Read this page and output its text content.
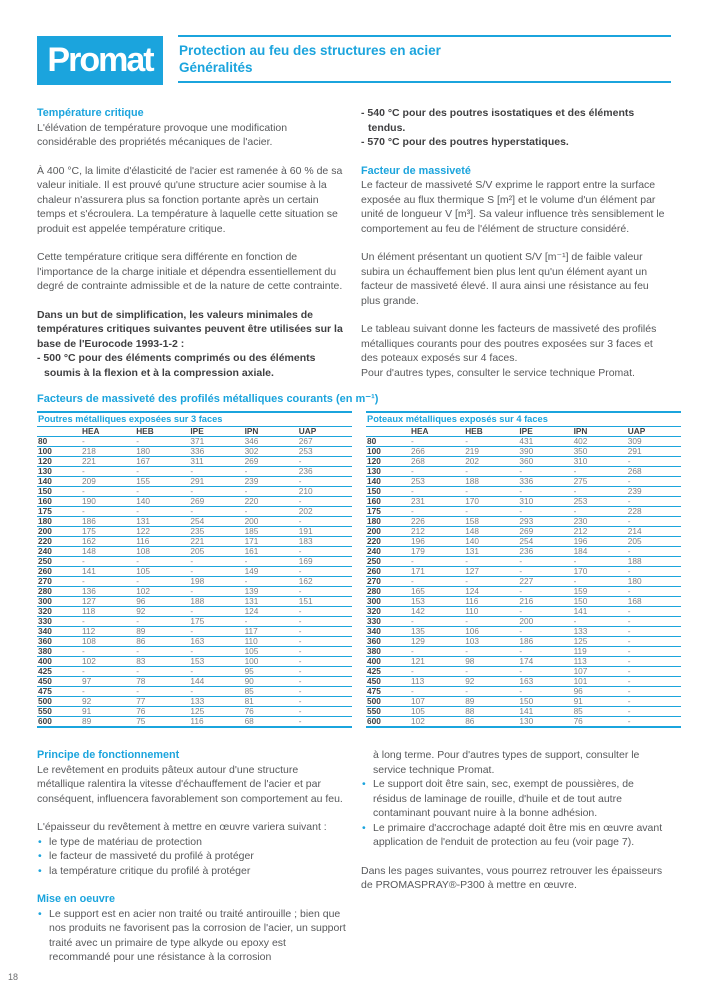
Promat Protection au feu des structures en acier
Généralités
Température critique

L'élévation de température provoque une modification considérable des propriétés mécaniques de l'acier.

À 400 °C, la limite d'élasticité de l'acier est ramenée à 60 % de sa valeur initiale. Il est prouvé qu'une structure acier soumise à la chaleur n'assurera plus sa fonction portante après un certain temps et s'écroulera. La température à laquelle cette situation se produit est appelée température critique.

Cette température critique sera différente en fonction de l'importance de la charge initiale et dépendra essentiellement du degré de contrainte admissible et de la nature de cette contrainte.

Dans un but de simplification, les valeurs minimales de températures critiques suivantes peuvent être utilisées sur la base de l'Eurocode 1993-1-2 :

- 500 °C pour des éléments comprimés ou des éléments soumis à la flexion et à la compression axiale.

- 540 °C pour des poutres isostatiques et des éléments tendus.

- 570 °C pour des poutres hyperstatiques.

Facteur de massiveté

Le facteur de massiveté S/V exprime le rapport entre la surface exposée au flux thermique S [m²] et le volume d'un élément par unité de longueur V [m³]. Sa valeur influence très sensiblement le comportement au feu de l'élément de structure considéré.

Un élément présentant un quotient S/V [m⁻¹] de faible valeur subira un échauffement bien plus lent qu'un élément ayant un facteur de massiveté élevé. Il aura ainsi une résistance au feu plus grande.

Le tableau suivant donne les facteurs de massiveté des profilés métalliques courants pour des poutres exposées sur 3 faces et des poteaux exposés sur 4 faces.

Pour d'autres types, consulter le service technique Promat.

Facteurs de massiveté des profilés métalliques courants (en m⁻¹)
Poutres métalliques exposées sur 3 faces
	HEA	HEB	IPE	IPN	UAP
80	-	-	371	346	267
100	218	180	336	302	253
120	221	167	311	269	-
130	-	-	-	-	236
140	209	155	291	239	-
150	-	-	-	-	210
160	190	140	269	220	-
175	-	-	-	-	202
180	186	131	254	200	-
200	175	122	235	185	191
220	162	116	221	171	183
240	148	108	205	161	-
250	-	-	-	-	169
260	141	105	-	149	-
270	-	-	198	-	162
280	136	102	-	139	-
300	127	96	188	131	151
320	118	92	-	124	-
330	-	-	175	-	-
340	112	89	-	117	-
360	108	86	163	110	-
380	-	-	-	105	-
400	102	83	153	100	-
425	-	-	-	95	-
450	97	78	144	90	-
475	-	-	-	85	-
500	92	77	133	81	-
550	91	76	125	76	-
600	89	75	116	68	-
Poteaux métalliques exposés sur 4 faces
	HEA	HEB	IPE	IPN	UAP
80	-	-	431	402	309
100	266	219	390	350	291
120	268	202	360	310	-
130	-	-	-	-	268
140	253	188	336	275	-
150	-	-	-	-	239
160	231	170	310	253	-
175	-	-	-	-	228
180	226	158	293	230	-
200	212	148	269	212	214
220	196	140	254	196	205
240	179	131	236	184	-
250	-	-	-	-	188
260	171	127	-	170	-
270	-	-	227	-	180
280	165	124	-	159	-
300	153	116	216	150	168
320	142	110	-	141	-
330	-	-	200	-	-
340	135	106	-	133	-
360	129	103	186	125	-
380	-	-	-	119	-
400	121	98	174	113	-
425	-	-	-	107	-
450	113	92	163	101	-
475	-	-	-	96	-
500	107	89	150	91	-
550	105	88	141	85	-
600	102	86	130	76	-
Principe de fonctionnement

Le revêtement en produits pâteux autour d'une structure métallique ralentira la vitesse d'échauffement de l'acier et par conséquent, influencera favorablement son comportement au feu.

L'épaisseur du revêtement à mettre en œuvre variera suivant :

• le type de matériau de protection
• le facteur de massiveté du profilé à protéger
• la température critique du profilé à protéger
Mise en oeuvre
• Le support est en acier non traité ou traité antirouille ; bien que nos produits ne favorisent pas la corrosion de l'acier, un support traité avec un primaire de type alkyde ou epoxy est recommandé pour une résistance à la corrosion

à long terme. Pour d'autres types de support, consulter le service technique Promat.

• Le support doit être sain, sec, exempt de poussières, de résidus de laminage de rouille, d'huile et de tout autre contaminant pouvant nuire à la bonne adhésion.
• Le primaire d'accrochage adapté doit être mis en œuvre avant application de l'enduit de protection au feu (voir page 7).

Dans les pages suivantes, vous pourrez retrouver les épaisseurs de PROMASPRAY®-P300 à mettre en œuvre.

18
